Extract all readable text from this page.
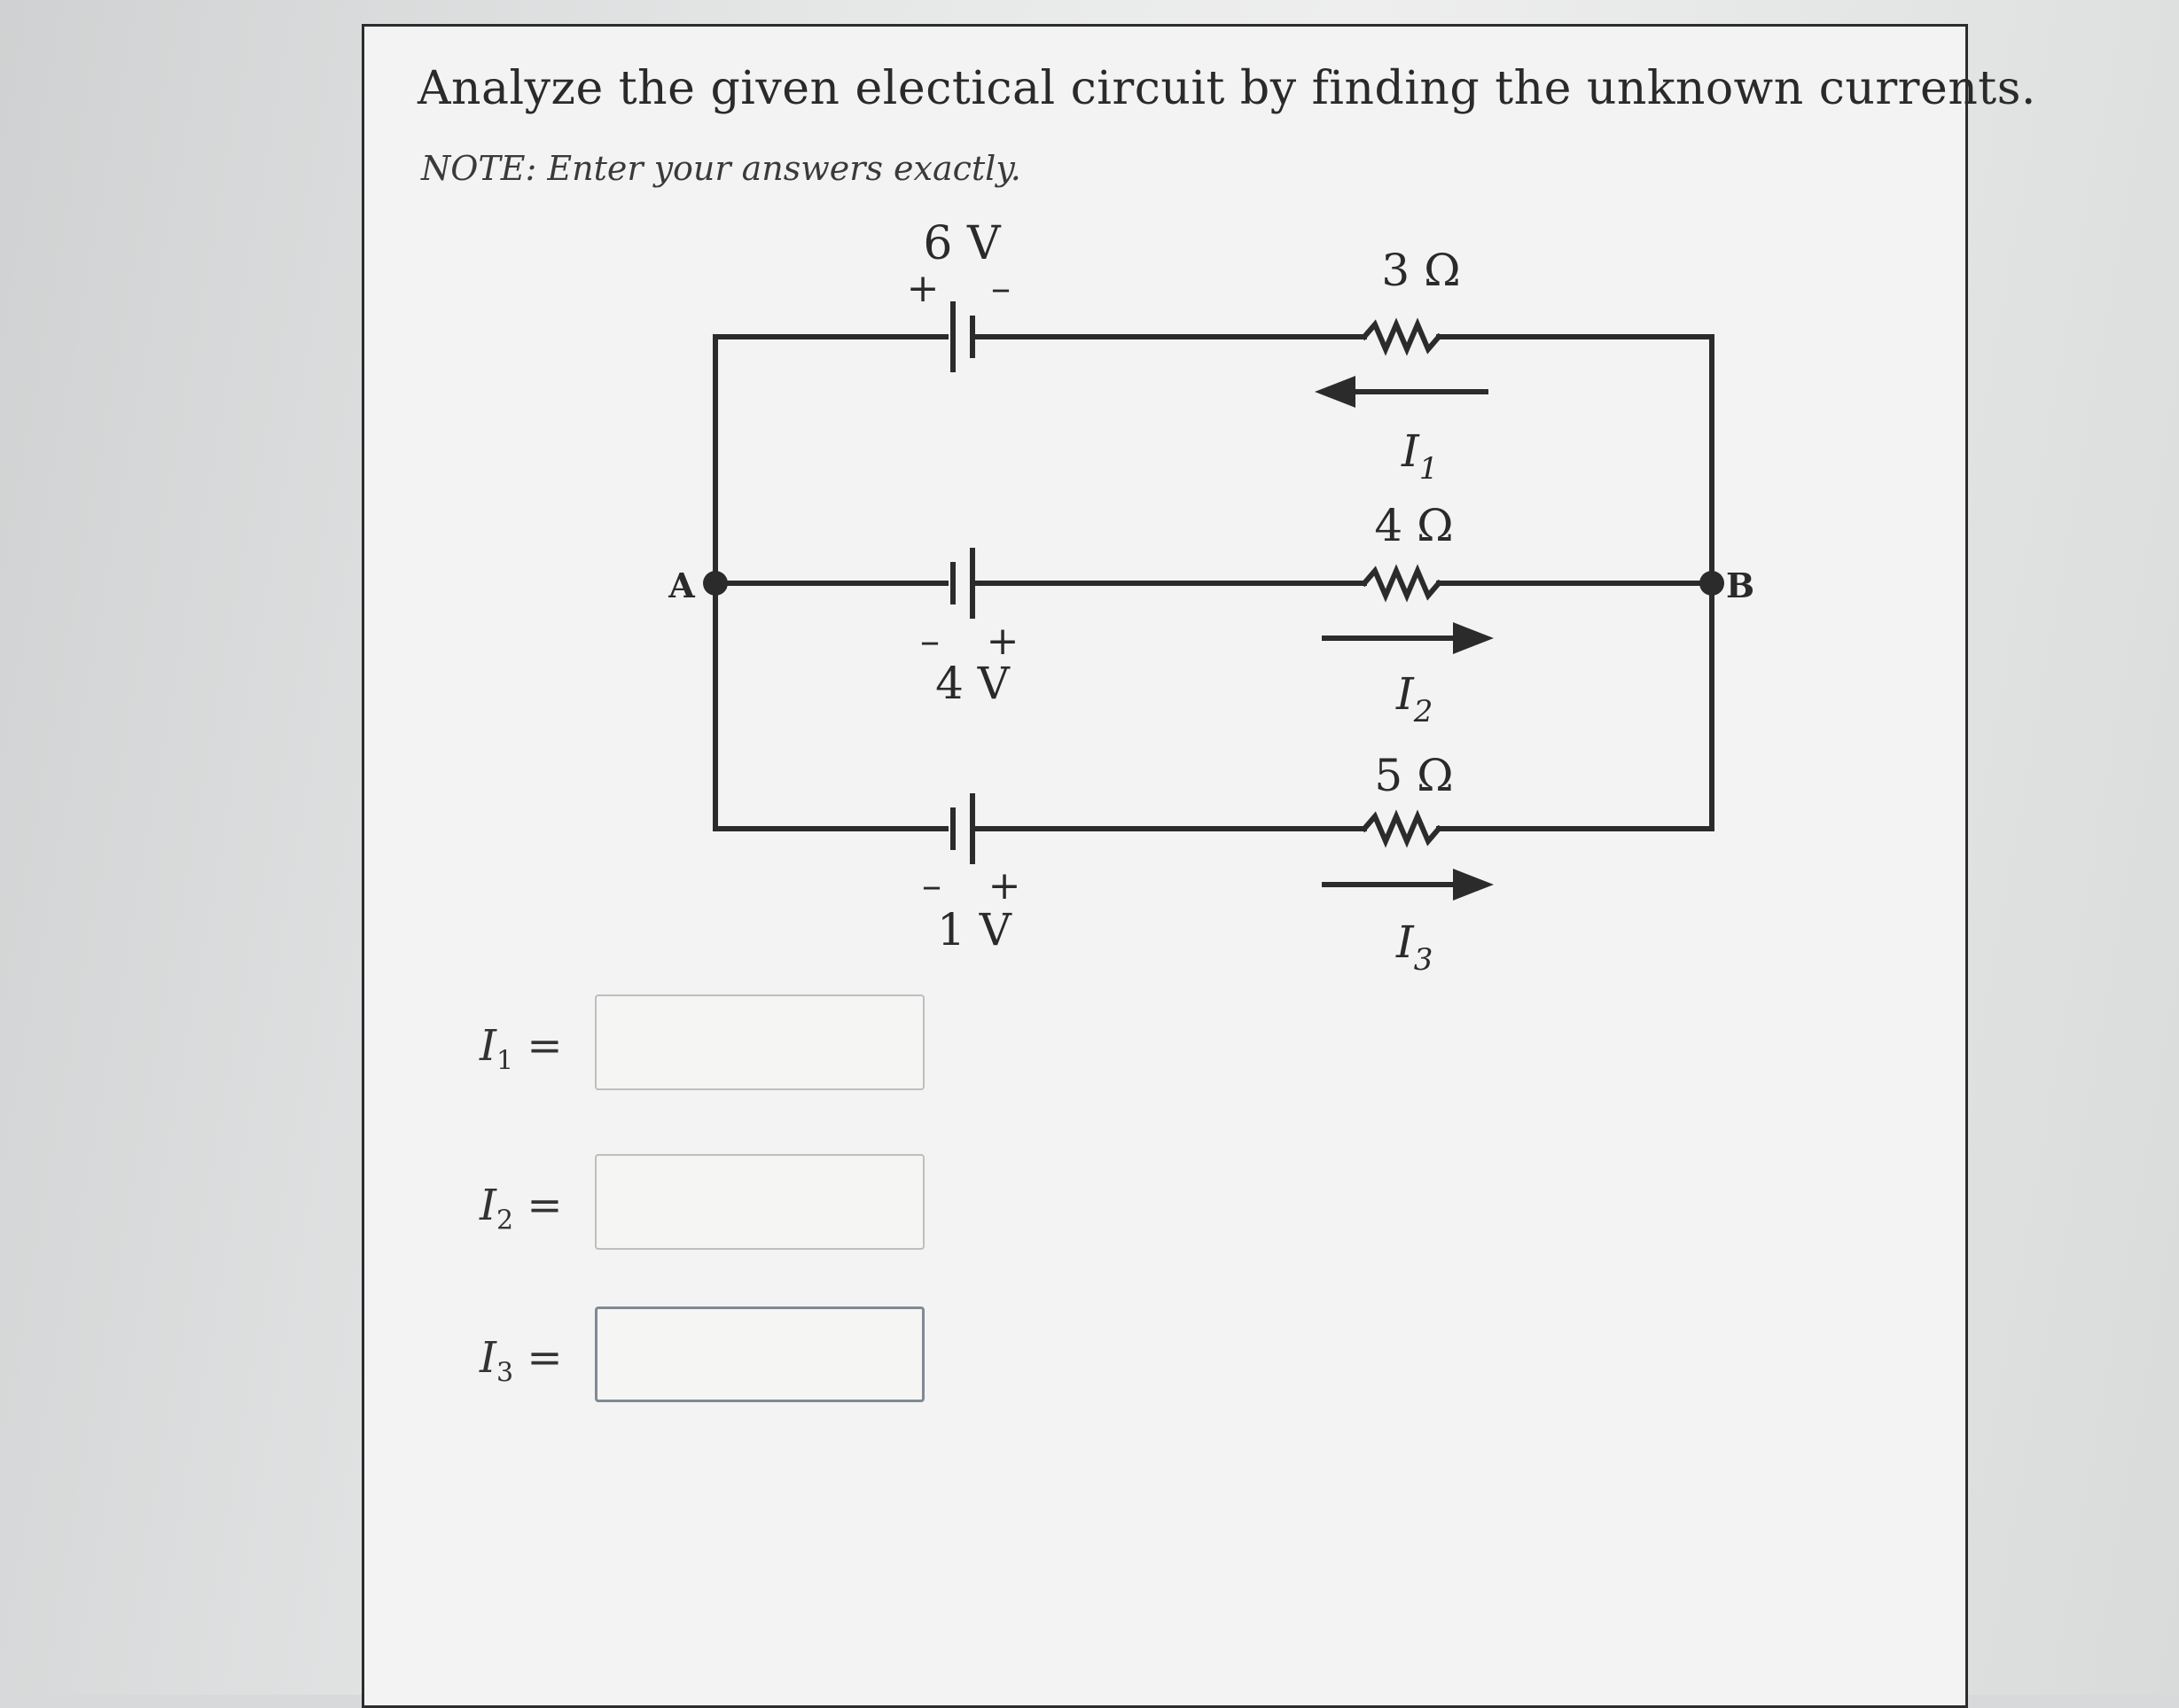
Analyze the given electical circuit by finding the unknown currents.

NOTE: Enter your answers exactly.

6 V
+ –
4 V
– +
1 V
– +
3 Ω
4 Ω
5 Ω
$I_1$
$I_2$
$I_3$
A	B
$I_1$ =
$I_2$ =
$I_3$ =
